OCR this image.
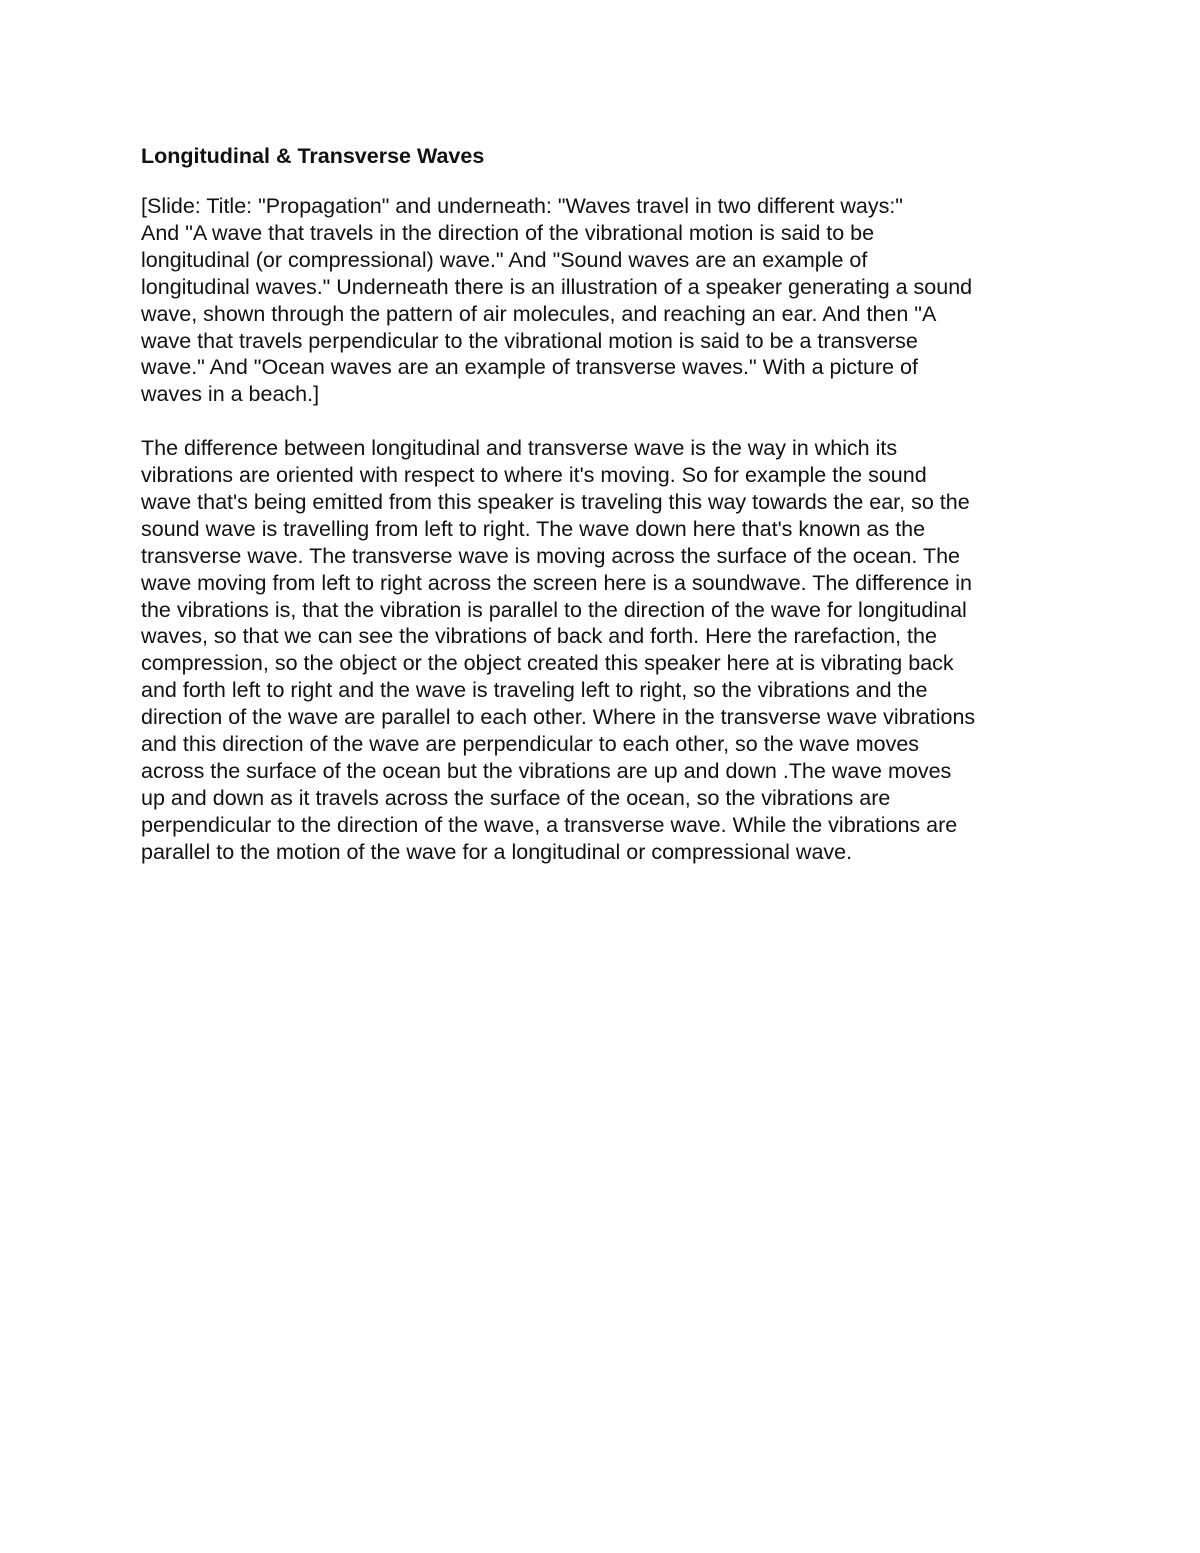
Longitudinal & Transverse Waves
[Slide: Title: "Propagation" and underneath: "Waves travel in two different ways:"
And "A wave that travels in the direction of the vibrational motion is said to be
longitudinal (or compressional) wave." And "Sound waves are an example of
longitudinal waves." Underneath there is an illustration of a speaker generating a sound
wave, shown through the pattern of air molecules, and reaching an ear. And then "A
wave that travels perpendicular to the vibrational motion is said to be a transverse
wave." And "Ocean waves are an example of transverse waves." With a picture of
waves in a beach.]
The difference between longitudinal and transverse wave is the way in which its
vibrations are oriented with respect to where it's moving. So for example the sound
wave that's being emitted from this speaker is traveling this way towards the ear, so the
sound wave is travelling from left to right. The wave down here that's known as the
transverse wave. The transverse wave is moving across the surface of the ocean. The
wave moving from left to right across the screen here is a soundwave. The difference in
the vibrations is, that the vibration is parallel to the direction of the wave for longitudinal
waves, so that we can see the vibrations of back and forth. Here the rarefaction, the
compression, so the object or the object created this speaker here at is vibrating back
and forth left to right and the wave is traveling left to right, so the vibrations and the
direction of the wave are parallel to each other. Where in the transverse wave vibrations
and this direction of the wave are perpendicular to each other, so the wave moves
across the surface of the ocean but the vibrations are up and down .The wave moves
up and down as it travels across the surface of the ocean, so the vibrations are
perpendicular to the direction of the wave, a transverse wave. While the vibrations are
parallel to the motion of the wave for a longitudinal or compressional wave.
